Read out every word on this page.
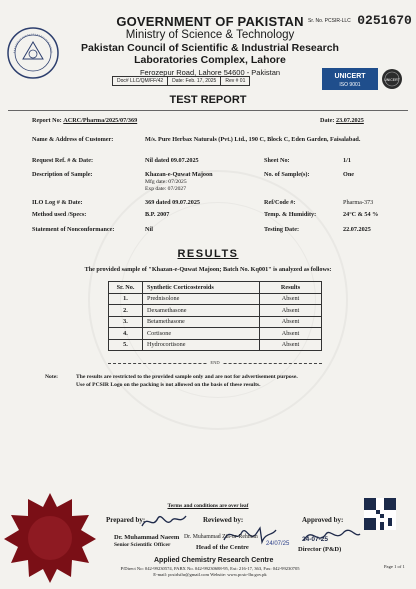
GOVERNMENT OF PAKISTAN
Ministry of Science & Technology
Pakistan Council of Scientific & Industrial Research
Laboratories Complex, Lahore
Ferozepur Road, Lahore 54600 - Pakistan
Sr. No. PCSIR-LLC 0251670
Doc# LLC/QM/FF/42	Date: Feb. 17, 2025	Rev # 01
UNICERT
ISO 9001
UNICERT
TEST REPORT
Report No: ACRC/Pharma/2025/07/369	Date: 23.07.2025
Name & Address of Customer:	M/s. Pure Herbax Naturals (Pvt.) Ltd., 190 C, Block C, Eden Garden, Faisalabad.
Request Ref. # & Date:	Nil dated 09.07.2025	Sheet No:	1/1
Description of Sample:	Khazan-e-Quwat Majoon
Mfg date: 07/2025
Exp date: 07/2027
No. of Sample(s):	One
ILO Log # & Date:	369 dated 09.07.2025	Ref/Code #:	Pharma-373
Method used /Specs:	B.P. 2007	Temp. & Humidity:	24°C & 54 %
Statement of Nonconformance:	Nil	Testing Date:	22.07.2025
RESULTS
The provided sample of "Khazan-e-Quwat Majoon; Batch No. Kq001" is analyzed as follows:
Sr. No.	Synthetic Corticosteroids	Results
1.	Prednisolone	Absent
2.	Dexamethasone	Absent
3.	Betamethasone	Absent
4.	Cortisone	Absent
5.	Hydrocortisone	Absent
END
Note:	The results are restricted to the provided sample only and are not for advertisement purpose.
Use of PCSIR Logo on the packing is not allowed on the basis of these results.
Terms and conditions are over leaf
Prepared by:	Reviewed by:	Approved by:
Dr. Muhammad Naeem
Senior Scientific Officer
Dr. Muhammad Zia-ur-Rehman
Head of the Centre	24/07/25
24-07-25
Director (P&D)
Applied Chemistry Research Centre
P/Direct No: 042-99230574, PABX No. 042-99230688-95, Ext: 216-17, 363, Fax: 042-99230705
E-mail: pcsirlsihr@gmail.com Website: www.pcsir-lhr.gov.pk
Page 1 of 1
